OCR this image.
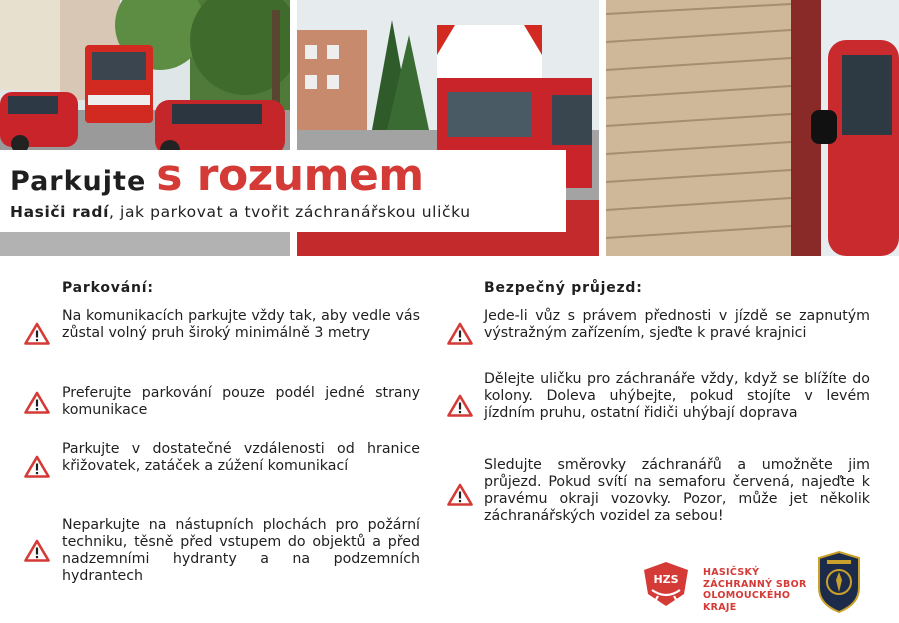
Parkujte s rozumem
Hasiči radí, jak parkovat a tvořit záchranářskou uličku
Parkování:
Na komunikacích parkujte vždy tak, aby vedle vás zůstal volný pruh široký minimálně 3 metry
Preferujte parkování pouze podél jedné strany komunikace
Parkujte v dostatečné vzdálenosti od hranice křižovatek, zatáček a zúžení komunikací
Neparkujte na nástupních plochách pro požární techniku, těsně před vstupem do objektů a před nadzemními hydranty a na podzemních hydrantech
Bezpečný průjezd:
Jede-li vůz s právem přednosti v jízdě se zapnutým výstražným zařízením, sjeďte k pravé krajnici
Dělejte uličku pro záchranáře vždy, když se blížíte do kolony. Doleva uhýbejte, pokud stojíte v levém jízdním pruhu, ostatní řidiči uhýbají doprava
Sledujte směrovky záchranářů a umožněte jim průjezd. Pokud svítí na semaforu červená, najeďte k pravému okraji vozovky. Pozor, může jet několik záchranářských vozidel za sebou!
HZS
HASIČSKÝ
ZÁCHRANNÝ SBOR
OLOMOUCKÉHO
KRAJE
